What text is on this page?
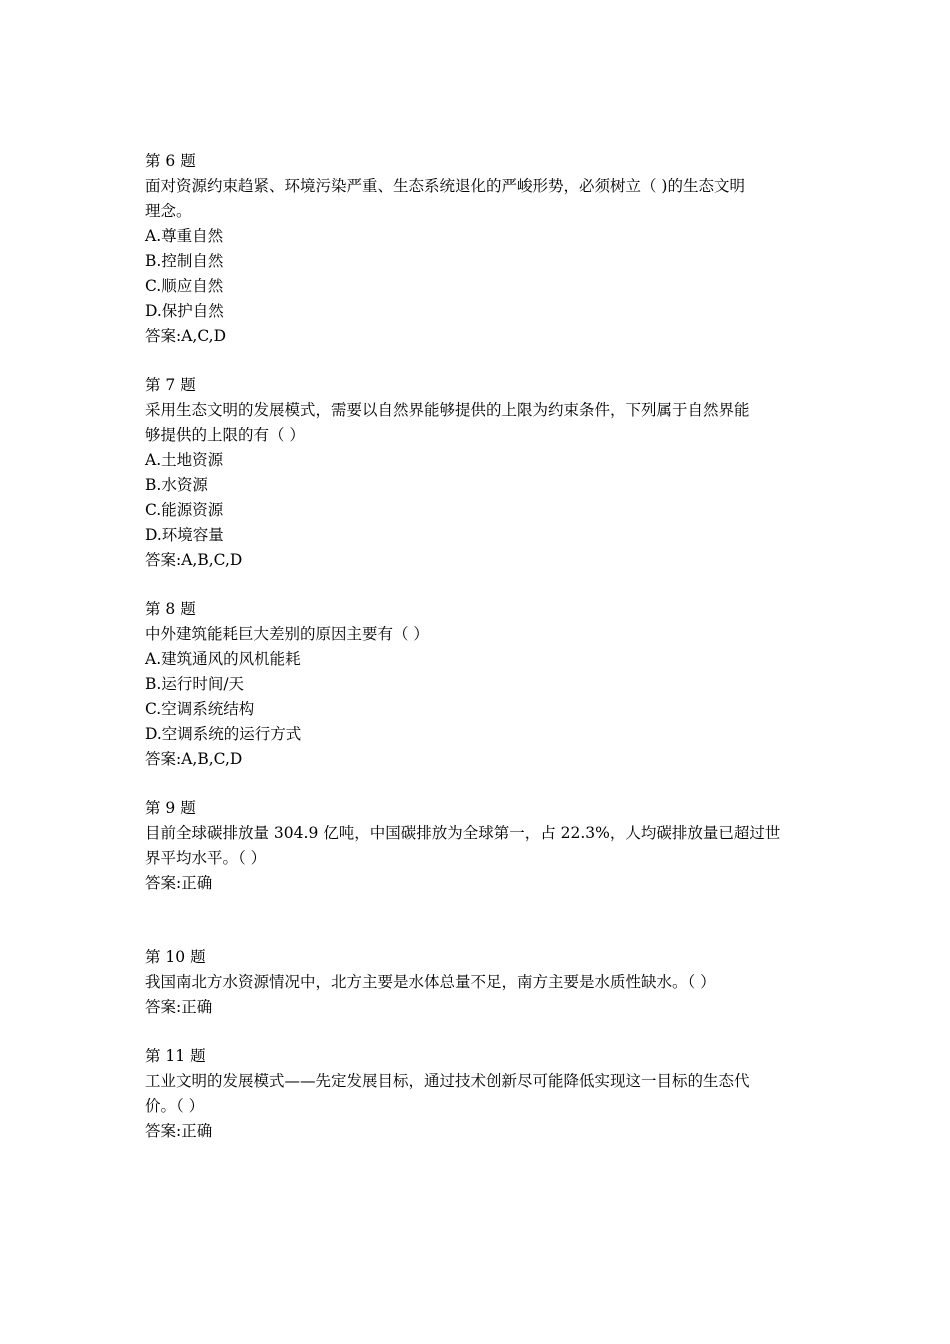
第 6 题
面对资源约束趋紧、环境污染严重、生态系统退化的严峻形势，必须树立（ )的生态文明
理念。
A.尊重自然
B.控制自然
C.顺应自然
D.保护自然
答案:A,C,D
第 7 题
采用生态文明的发展模式，需要以自然界能够提供的上限为约束条件，下列属于自然界能
够提供的上限的有（ ）
A.土地资源
B.水资源
C.能源资源
D.环境容量
答案:A,B,C,D
第 8 题
中外建筑能耗巨大差别的原因主要有（ ）
A.建筑通风的风机能耗
B.运行时间/天
C.空调系统结构
D.空调系统的运行方式
答案:A,B,C,D
第 9 题
目前全球碳排放量 304.9 亿吨，中国碳排放为全球第一，占 22.3%，人均碳排放量已超过世
界平均水平。（ ）
答案:正确
第 10 题
我国南北方水资源情况中，北方主要是水体总量不足，南方主要是水质性缺水。（ ）
答案:正确
第 11 题
工业文明的发展模式——先定发展目标，通过技术创新尽可能降低实现这一目标的生态代
价。（ ）
答案:正确
